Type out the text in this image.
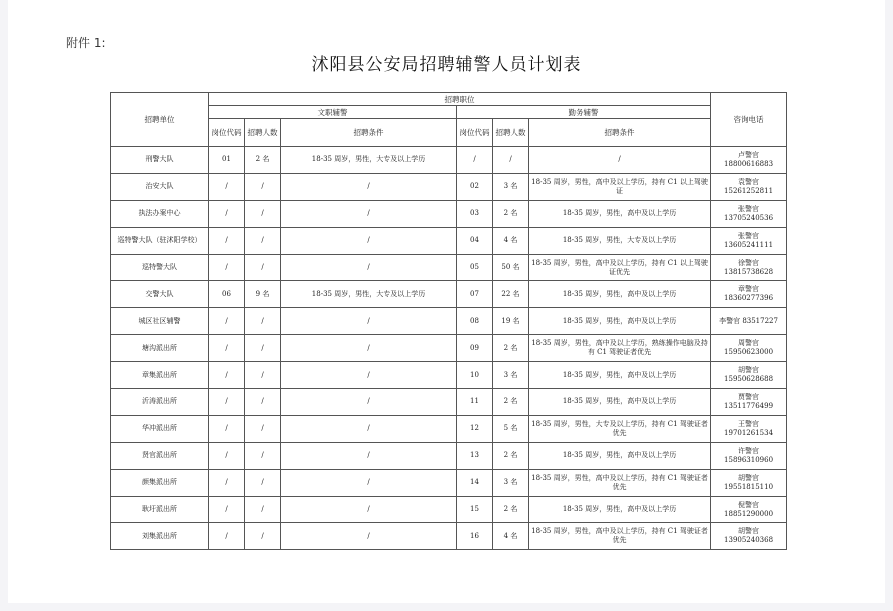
附件 1:
沭阳县公安局招聘辅警人员计划表
招聘单位	招聘职位						咨询电话
	文职辅警			勤务辅警			
	岗位代码	招聘人数	招聘条件	岗位代码	招聘人数	招聘条件	
刑警大队	01	2 名	18-35 周岁，男性，大专及以上学历	/	/	/	卢警官
18800616883

治安大队	/	/	/	02	3 名	18-35 周岁，男性，高中及以上学历，持有 C1 以上驾驶证	袁警官
15261252811

执法办案中心	/	/	/	03	2 名	18-35 周岁，男性，高中及以上学历	张警官
13705240536

巡特警大队（驻沭阳学校）	/	/	/	04	4 名	18-35 周岁，男性，大专及以上学历	张警官
13605241111

巡特警大队	/	/	/	05	50 名	18-35 周岁，男性，高中及以上学历，持有 C1 以上驾驶证优先	徐警官
13815738628

交警大队	06	9 名	18-35 周岁，男性，大专及以上学历	07	22 名	18-35 周岁，男性，高中及以上学历	章警官
18360277396

城区社区辅警	/	/	/	08	19 名	18-35 周岁，男性，高中及以上学历	李警官 83517227

塘沟派出所	/	/	/	09	2 名	18-35 周岁，男性，高中及以上学历，熟练操作电脑及持有 C1 驾驶证者优先	周警官
15950623000

章集派出所	/	/	/	10	3 名	18-35 周岁，男性，高中及以上学历	胡警官
15950628688

沂涛派出所	/	/	/	11	2 名	18-35 周岁，男性，高中及以上学历	贾警官
13511776499

华冲派出所	/	/	/	12	5 名	18-35 周岁，男性，大专及以上学历，持有 C1 驾驶证者优先	王警官
19701261534

贤官派出所	/	/	/	13	2 名	18-35 周岁，男性，高中及以上学历	许警官
15896310960

颜集派出所	/	/	/	14	3 名	18-35 周岁，男性，高中及以上学历，持有 C1 驾驶证者优先	胡警官
19551815110

耿圩派出所	/	/	/	15	2 名	18-35 周岁，男性，高中及以上学历	倪警官
18851290000

刘集派出所	/	/	/	16	4 名	18-35 周岁，男性，高中及以上学历，持有 C1 驾驶证者优先	胡警官
13905240368
